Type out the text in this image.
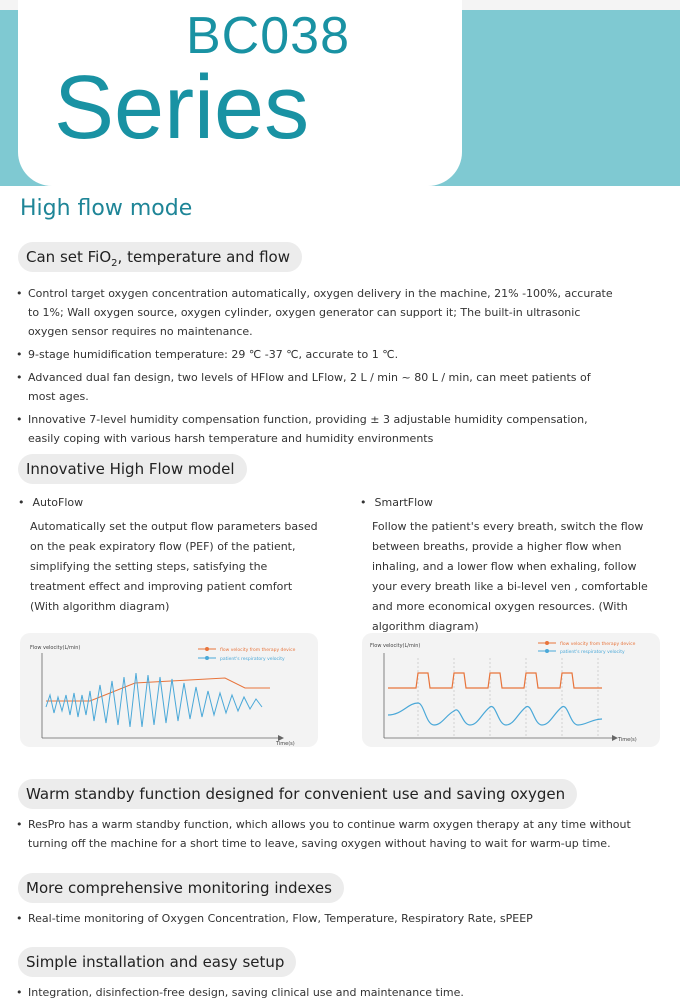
BC038
Series
High flow mode
Can set FiO$_2$, temperature and flow
• Control target oxygen concentration automatically, oxygen delivery in the machine, 21% -100%, accurate to 1%; Wall oxygen source, oxygen cylinder, oxygen generator can support it; The built-in ultrasonic oxygen sensor requires no maintenance.
• 9-stage humidification temperature: 29 ℃ -37 ℃, accurate to 1 ℃.
• Advanced dual fan design, two levels of HFlow and LFlow, 2 L / min ~ 80 L / min, can meet patients of most ages.
• Innovative 7-level humidity compensation function, providing ± 3 adjustable humidity compensation, easily coping with various harsh temperature and humidity environments
Innovative High Flow model
• AutoFlow
Automatically set the output flow parameters based on the peak expiratory flow (PEF) of the patient, simplifying the setting steps, satisfying the treatment effect and improving patient comfort (With algorithm diagram)
• SmartFlow
Follow the patient's every breath, switch the flow between breaths, provide a higher flow when inhaling, and a lower flow when exhaling, follow your every breath like a bi-level ven , comfortable and more economical oxygen resources. (With algorithm diagram)
Flow velocity(L/min)
Time(s)
flow velocity from therapy device
patient's respiratory velocity
Flow velocity(L/min)
Time(s)
flow velocity from therapy device
patient's respiratory velocity
Warm standby function designed for convenient use and saving oxygen
• ResPro has a warm standby function, which allows you to continue warm oxygen therapy at any time without turning off the machine for a short time to leave, saving oxygen without having to wait for warm-up time.
More comprehensive monitoring indexes
• Real-time monitoring of Oxygen Concentration, Flow, Temperature, Respiratory Rate, sPEEP
Simple installation and easy setup
• Integration, disinfection-free design, saving clinical use and maintenance time.
